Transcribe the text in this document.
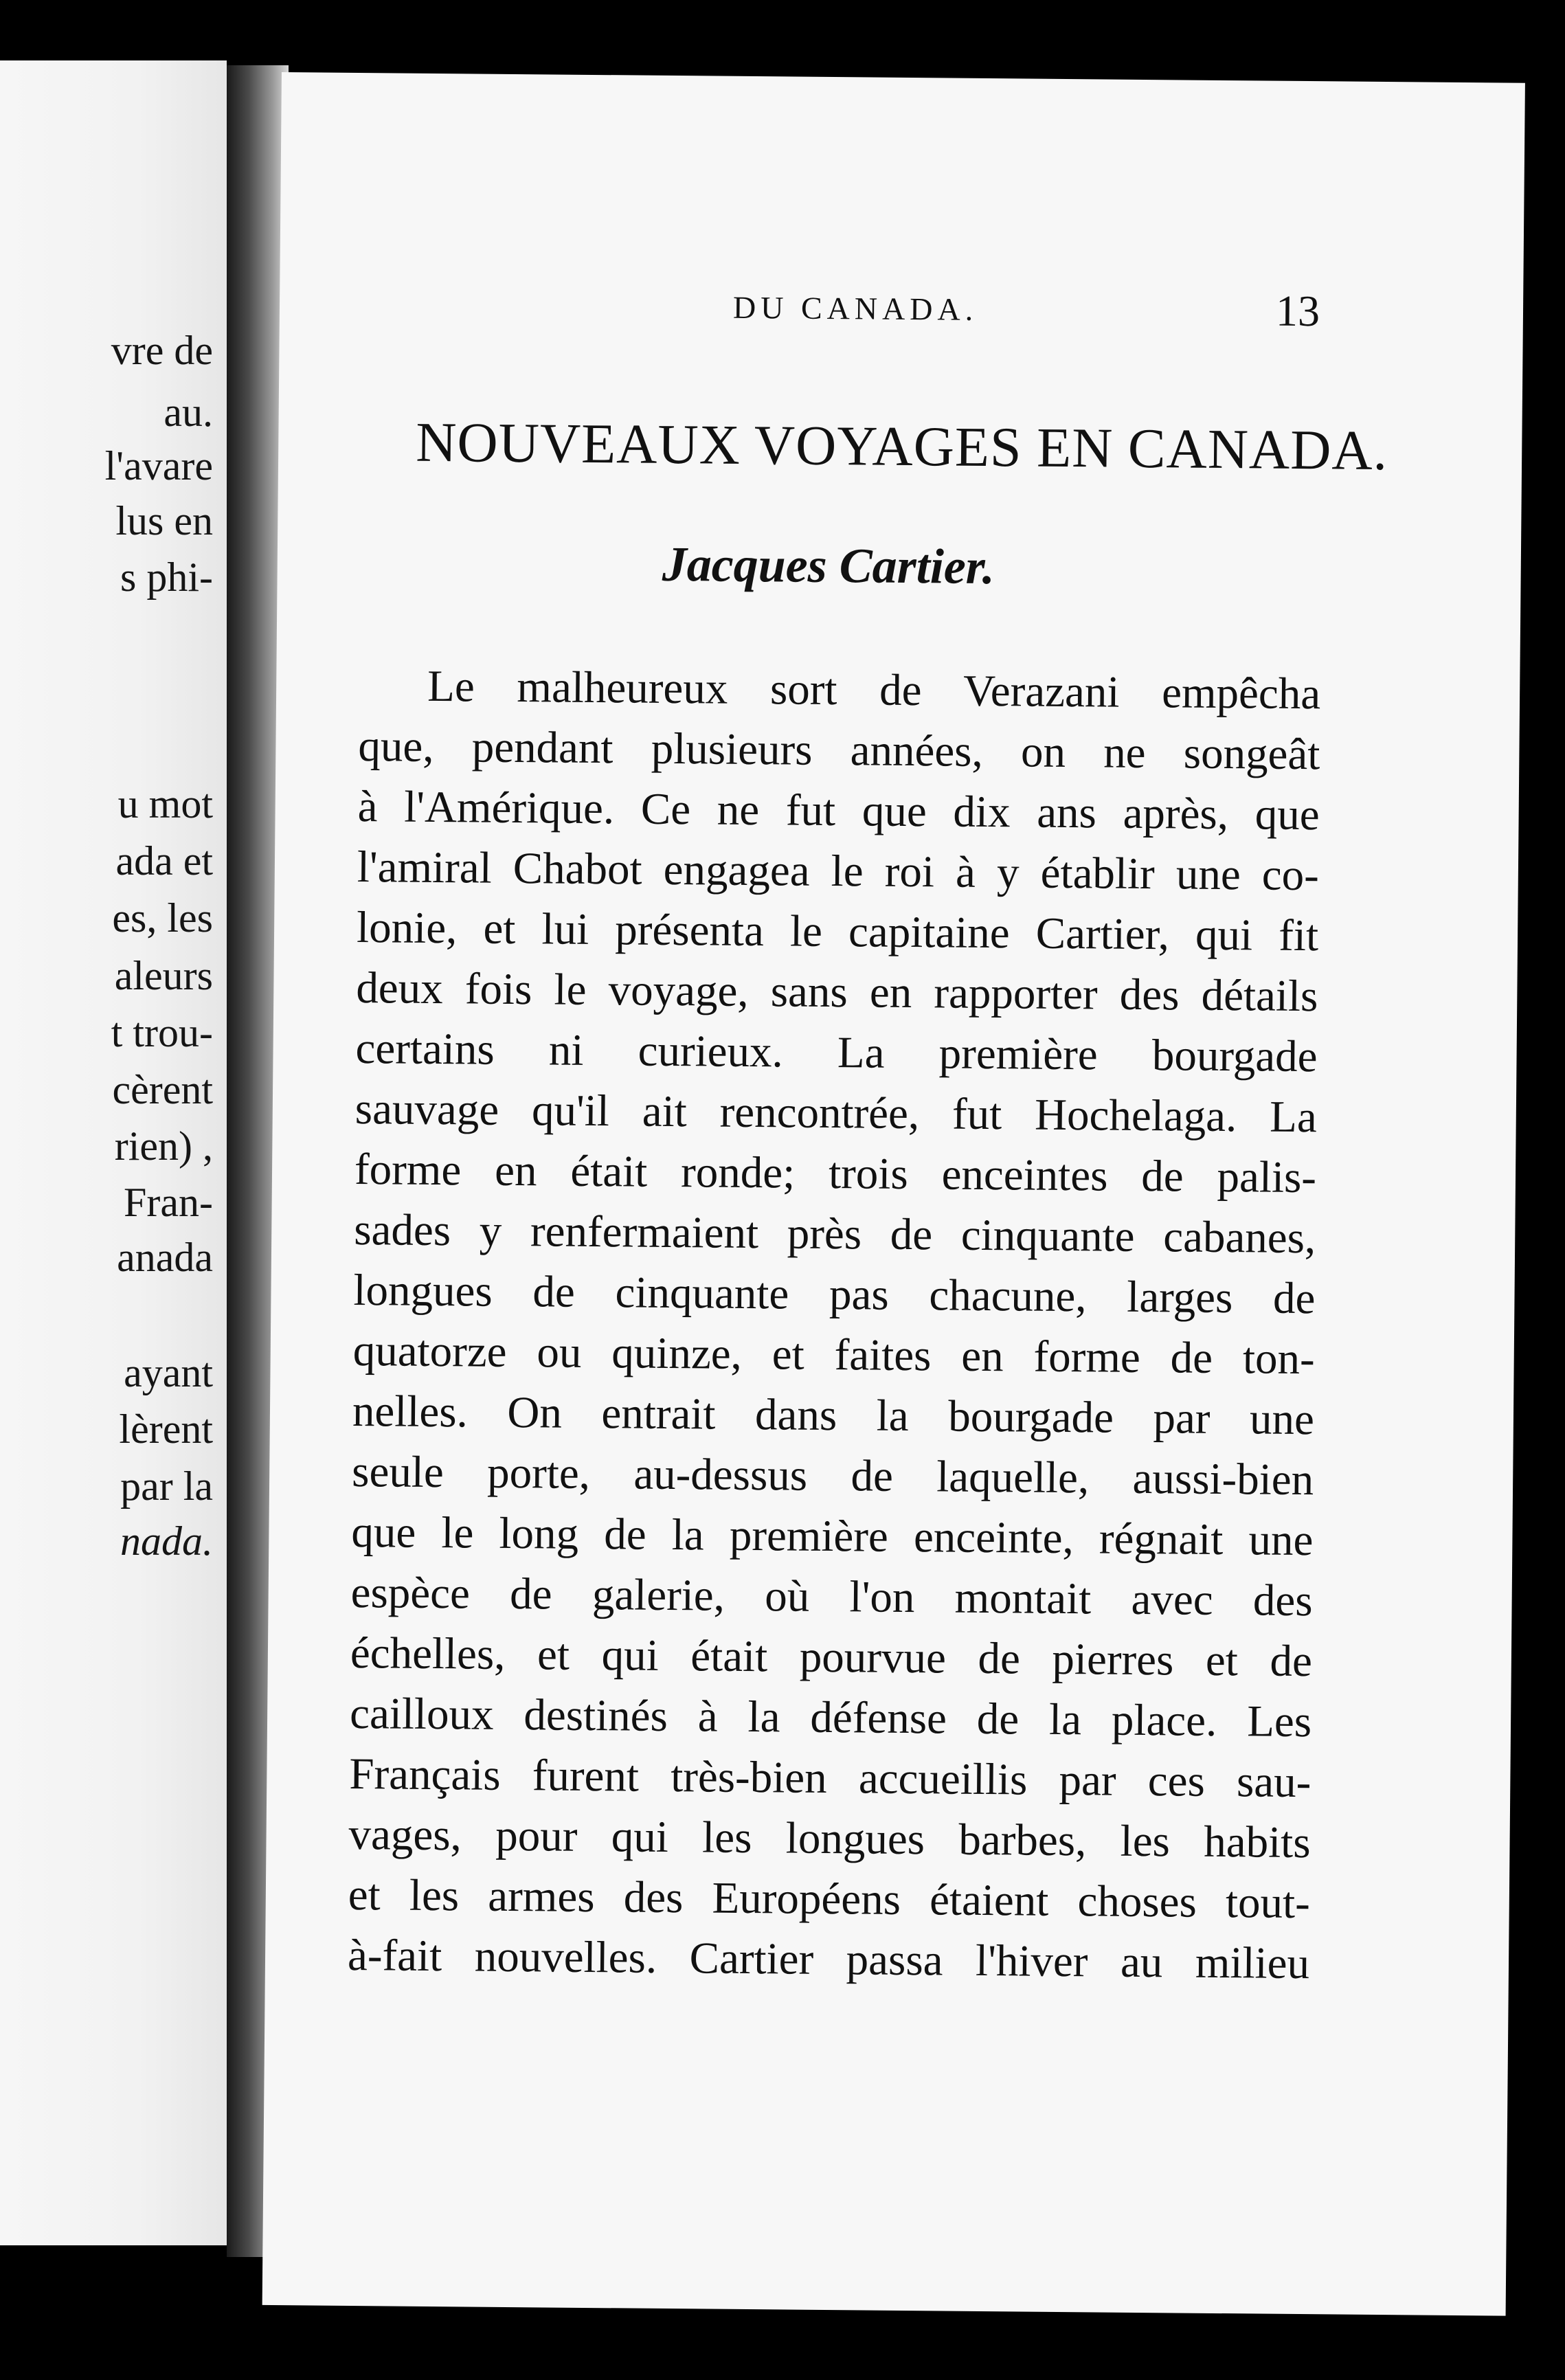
vre de
au.
l'avare
lus en
s phi-
u mot
ada et
es, les
aleurs
t trou-
cèrent
rien) ,
Fran-
anada
ayant
lèrent
par la
nada.
DU CANADA.	13
NOUVEAUX VOYAGES EN CANADA.
Jacques Cartier.
Le malheureux sort de Verazani empêcha
que, pendant plusieurs années, on ne songeât
à l'Amérique. Ce ne fut que dix ans après, que
l'amiral Chabot engagea le roi à y établir une co-
lonie, et lui présenta le capitaine Cartier, qui fit
deux fois le voyage, sans en rapporter des détails
certains ni curieux. La première bourgade
sauvage qu'il ait rencontrée, fut Hochelaga. La
forme en était ronde; trois enceintes de palis-
sades y renfermaient près de cinquante cabanes,
longues de cinquante pas chacune, larges de
quatorze ou quinze, et faites en forme de ton-
nelles. On entrait dans la bourgade par une
seule porte, au-dessus de laquelle, aussi-bien
que le long de la première enceinte, régnait une
espèce de galerie, où l'on montait avec des
échelles, et qui était pourvue de pierres et de
cailloux destinés à la défense de la place. Les
Français furent très-bien accueillis par ces sau-
vages, pour qui les longues barbes, les habits
et les armes des Européens étaient choses tout-
à-fait nouvelles. Cartier passa l'hiver au milieu
